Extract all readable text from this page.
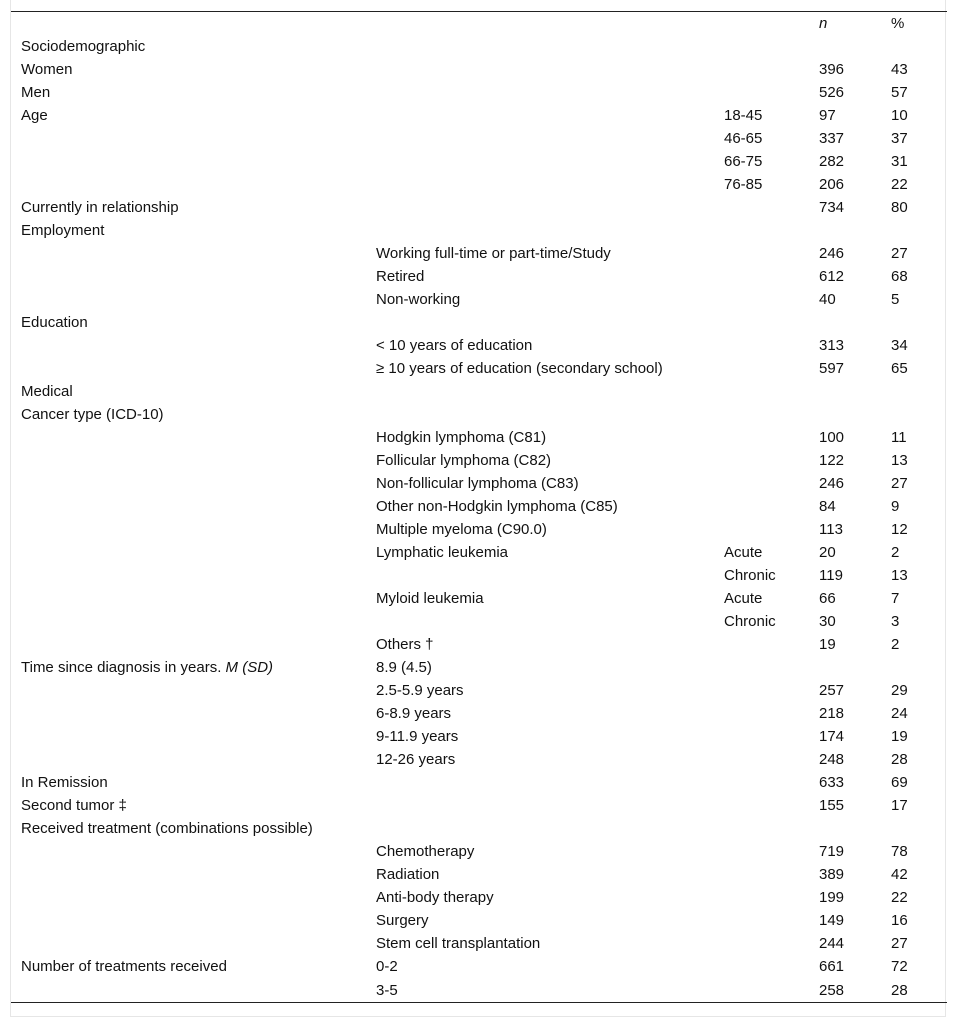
			n	%
Sociodemographic				
Women			396	43
Men			526	57
Age		18-45	97	10
		46-65	337	37
		66-75	282	31
		76-85	206	22
Currently in relationship			734	80
Employment				
	Working full-time or part-time/Study		246	27
	Retired		612	68
	Non-working		40	5
Education				
	< 10 years of education		313	34
	≥ 10 years of education (secondary school)		597	65
Medical				
Cancer type (ICD-10)				
	Hodgkin lymphoma (C81)		100	11
	Follicular lymphoma (C82)		122	13
	Non-follicular lymphoma (C83)		246	27
	Other non-Hodgkin lymphoma (C85)		84	9
	Multiple myeloma (C90.0)		113	12
	Lymphatic leukemia	Acute	20	2
		Chronic	119	13
	Myloid leukemia	Acute	66	7
		Chronic	30	3
	Others †		19	2
Time since diagnosis in years. M (SD)	8.9 (4.5)			
	2.5-5.9 years		257	29
	6-8.9 years		218	24
	9-11.9 years		174	19
	12-26 years		248	28
In Remission			633	69
Second tumor ‡			155	17
Received treatment (combinations possible)				
	Chemotherapy		719	78
	Radiation		389	42
	Anti-body therapy		199	22
	Surgery		149	16
	Stem cell transplantation		244	27
Number of treatments received	0-2		661	72
	3-5		258	28
